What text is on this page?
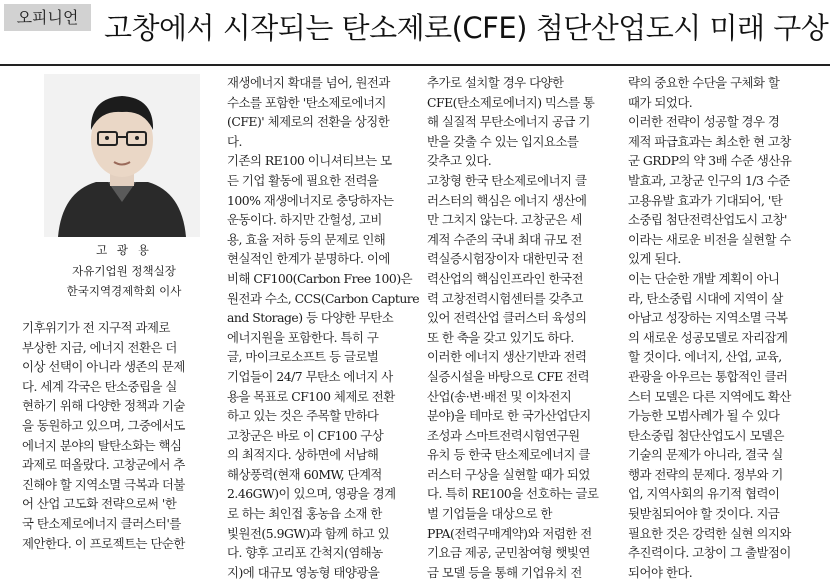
오피니언 고창에서 시작되는 탄소제로(CFE) 첨단산업도시 미래 구상
고 광 용
자유기업원 정책실장
한국지역경제학회 이사
기후위기가 전 지구적 과제로
부상한 지금, 에너지 전환은 더
이상 선택이 아니라 생존의 문제
다. 세계 각국은 탄소중립을 실
현하기 위해 다양한 정책과 기술
을 동원하고 있으며, 그중에서도
에너지 분야의 탈탄소화는 핵심
과제로 떠올랐다. 고창군에서 추
진해야 할 지역소멸 극복과 더불
어 산업 고도화 전략으로써 '한
국 탄소제로에너지 클러스터'를
제안한다. 이 프로젝트는 단순한
재생에너지 확대를 넘어, 원전과
수소를 포함한 '탄소제로에너지
(CFE)' 체제로의 전환을 상징한
다.
기존의 RE100 이니셔티브는 모
든 기업 활동에 필요한 전력을
100% 재생에너지로 충당하자는
운동이다. 하지만 간헐성, 고비
용, 효율 저하 등의 문제로 인해
현실적인 한계가 분명하다. 이에
비해 CF100(Carbon Free 100)은
원전과 수소, CCS(Carbon Capture
and Storage) 등 다양한 무탄소
에너지원을 포함한다. 특히 구
글, 마이크로소프트 등 글로벌
기업들이 24/7 무탄소 에너지 사
용을 목표로 CF100 체제로 전환
하고 있는 것은 주목할 만하다
고창군은 바로 이 CF100 구상
의 최적지다. 상하면에 서남해
해상풍력(현재 60MW, 단계적
2.46GW)이 있으며, 영광을 경계
로 하는 최인접 홍농읍 소재 한
빛원전(5.9GW)과 함께 하고 있
다. 향후 고리포 간척지(염해농
지)에 대규모 영농형 태양광을
추가로 설치할 경우 다양한
CFE(탄소제로에너지) 믹스를 통
해 실질적 무탄소에너지 공급 기
반을 갖출 수 있는 입지요소를
갖추고 있다.
고창형 한국 탄소제로에너지 클
러스터의 핵심은 에너지 생산에
만 그치지 않는다. 고창군은 세
계적 수준의 국내 최대 규모 전
력실증시험장이자 대한민국 전
력산업의 핵심인프라인 한국전
력 고창전력시험센터를 갖추고
있어 전력산업 클러스터 육성의
또 한 축을 갖고 있기도 하다.
이러한 에너지 생산기반과 전력
실증시설을 바탕으로 CFE 전력
산업(송·변·배전 및 이차전지
분야)을 테마로 한 국가산업단지
조성과 스마트전력시험연구원
유치 등 한국 탄소제로에너지 클
러스터 구상을 실현할 때가 되었
다. 특히 RE100을 선호하는 글로
벌 기업들을 대상으로 한
PPA(전력구매계약)와 저렴한 전
기요금 제공, 군민참여형 햇빛연
금 모델 등을 통해 기업유치 전
략의 중요한 수단을 구체화 할
때가 되었다.
이러한 전략이 성공할 경우 경
제적 파급효과는 최소한 현 고창
군 GRDP의 약 3배 수준 생산유
발효과, 고창군 인구의 1/3 수준
고용유발 효과가 기대되어, '탄
소중립 첨단전력산업도시 고창'
이라는 새로운 비전을 실현할 수
있게 된다.
이는 단순한 개발 계획이 아니
라, 탄소중립 시대에 지역이 살
아남고 성장하는 지역소멸 극복
의 새로운 성공모델로 자리잡게
할 것이다. 에너지, 산업, 교육,
관광을 아우르는 통합적인 클러
스터 모델은 다른 지역에도 확산
가능한 모범사례가 될 수 있다
탄소중립 첨단산업도시 모델은
기술의 문제가 아니라, 결국 실
행과 전략의 문제다. 정부와 기
업, 지역사회의 유기적 협력이
뒷받침되어야 할 것이다. 지금
필요한 것은 강력한 실현 의지와
추진력이다. 고창이 그 출발점이
되어야 한다.
